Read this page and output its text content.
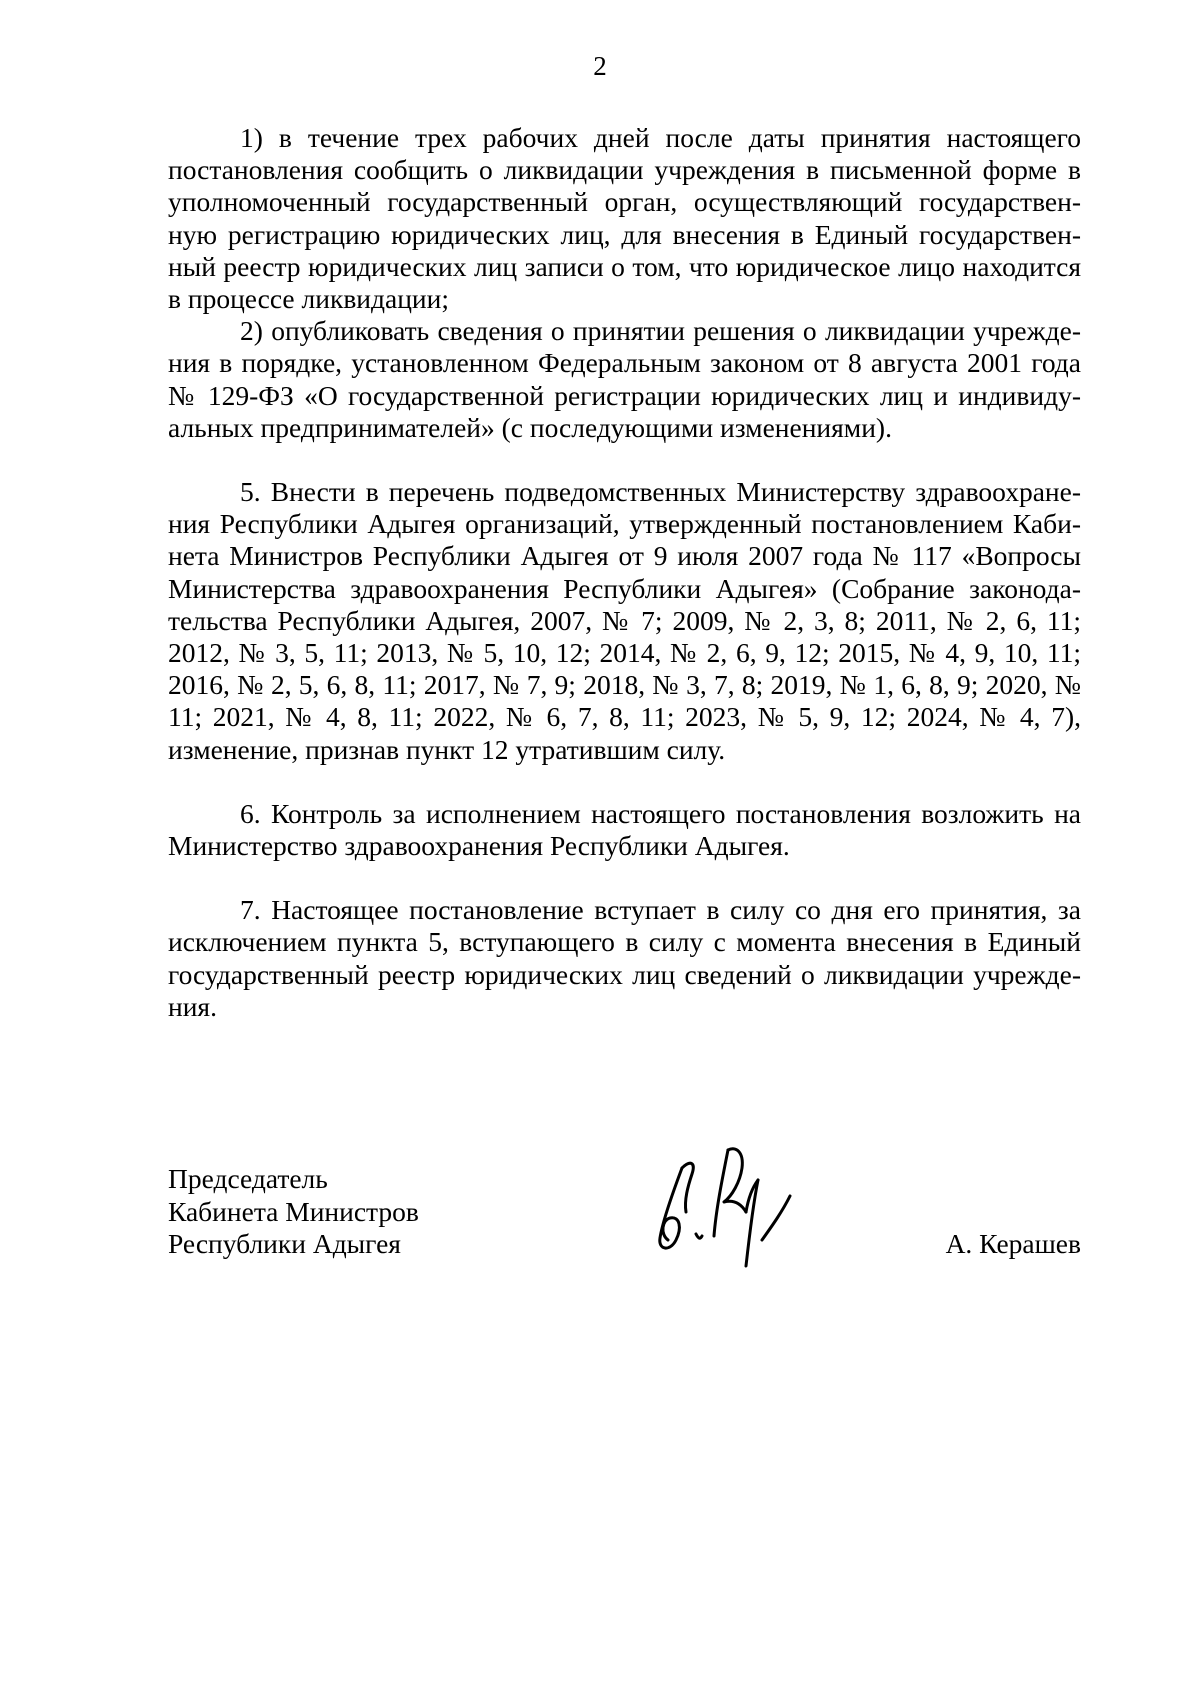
2

1) в течение трех рабочих дней после даты принятия настоящего постановления сообщить о ликвидации учреждения в письменной форме в уполномоченный государственный орган, осуществляющий государственную регистрацию юридических лиц, для внесения в Единый государственный реестр юридических лиц записи о том, что юридическое лицо находится в процессе ликвидации;

2) опубликовать сведения о принятии решения о ликвидации учреждения в порядке, установленном Федеральным законом от 8 августа 2001 года № 129-ФЗ «О государственной регистрации юридических лиц и индивидуальных предпринимателей» (с последующими изменениями).

5. Внести в перечень подведомственных Министерству здравоохранения Республики Адыгея организаций, утвержденный постановлением Кабинета Министров Республики Адыгея от 9 июля 2007 года № 117 «Вопросы Министерства здравоохранения Республики Адыгея» (Собрание законодательства Республики Адыгея, 2007, № 7; 2009, № 2, 3, 8; 2011, № 2, 6, 11; 2012, № 3, 5, 11; 2013, № 5, 10, 12; 2014, № 2, 6, 9, 12; 2015, № 4, 9, 10, 11; 2016, № 2, 5, 6, 8, 11; 2017, № 7, 9; 2018, № 3, 7, 8; 2019, № 1, 6, 8, 9; 2020, № 11; 2021, № 4, 8, 11; 2022, № 6, 7, 8, 11; 2023, № 5, 9, 12; 2024, № 4, 7), изменение, признав пункт 12 утратившим силу.

6. Контроль за исполнением настоящего постановления возложить на Министерство здравоохранения Республики Адыгея.

7. Настоящее постановление вступает в силу со дня его принятия, за исключением пункта 5, вступающего в силу с момента внесения в Единый государственный реестр юридических лиц сведений о ликвидации учреждения.

Председатель
Кабинета Министров
Республики Адыгея	А. Керашев
